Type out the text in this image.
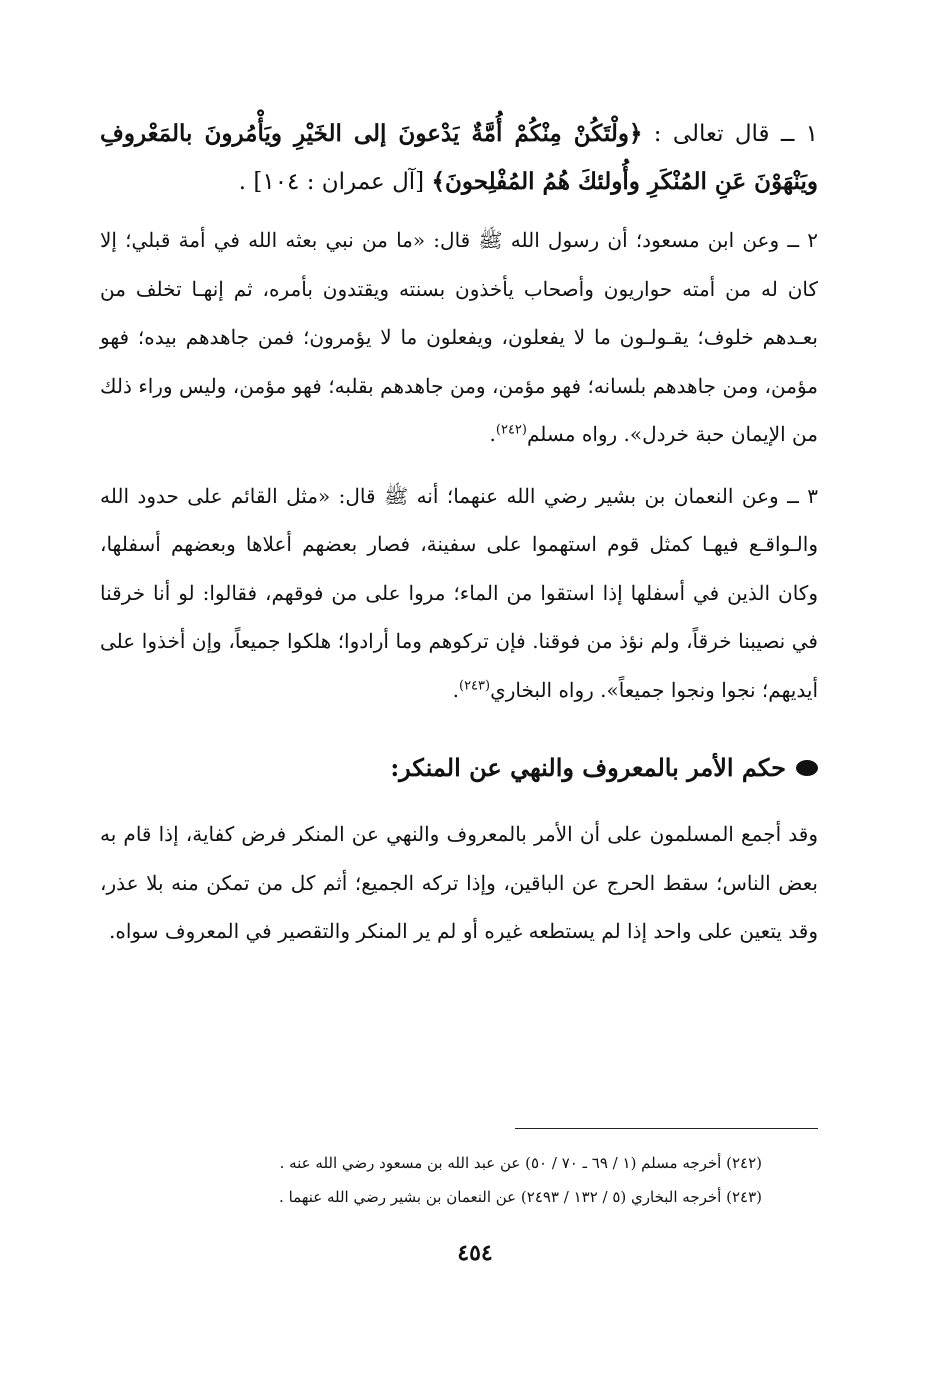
١ ــ قال تعالى : ﴿ولْتَكُنْ مِنْكُمْ أُمَّةٌ يَدْعونَ إلى الخَيْرِ ويَأْمُرونَ بالمَعْروفِ ويَنْهَوْنَ عَنِ المُنْكَرِ وأُولئكَ هُمُ المُفْلِحونَ﴾ [آل عمران : ١٠٤] .

٢ ــ وعن ابن مسعود؛ أن رسول الله ﷺ قال: «ما من نبي بعثه الله في أمة قبلي؛ إلا كان له من أمته حواريون وأصحاب يأخذون بسنته ويقتدون بأمره، ثم إنهـا تخلف من بعـدهم خلوف؛ يقـولـون ما لا يفعلون، ويفعلون ما لا يؤمرون؛ فمن جاهدهم بيده؛ فهو مؤمن، ومن جاهدهم بلسانه؛ فهو مؤمن، ومن جاهدهم بقلبه؛ فهو مؤمن، وليس وراء ذلك من الإيمان حبة خردل». رواه مسلم$^{(٢٤٢)}$.

٣ ــ وعن النعمان بن بشير رضي الله عنهما؛ أنه ﷺ قال: «مثل القائم على حدود الله والـواقـع فيهـا كمثل قوم استهموا على سفينة، فصار بعضهم أعلاها وبعضهم أسفلها، وكان الذين في أسفلها إذا استقوا من الماء؛ مروا على من فوقهم، فقالوا: لو أنا خرقنا في نصيبنا خرقاً، ولم نؤذ من فوقنا. فإن تركوهم وما أرادوا؛ هلكوا جميعاً، وإن أخذوا على أيديهم؛ نجوا ونجوا جميعاً». رواه البخاري$^{(٢٤٣)}$.

حكم الأمر بالمعروف والنهي عن المنكر:

وقد أجمع المسلمون على أن الأمر بالمعروف والنهي عن المنكر فرض كفاية، إذا قام به بعض الناس؛ سقط الحرج عن الباقين، وإذا تركه الجميع؛ أثم كل من تمكن منه بلا عذر، وقد يتعين على واحد إذا لم يستطعه غيره أو لم ير المنكر والتقصير في المعروف سواه.

(٢٤٢) أخرجه مسلم (١ / ٦٩ ـ ٧٠ / ٥٠) عن عبد الله بن مسعود رضي الله عنه .
(٢٤٣) أخرجه البخاري (٥ / ١٣٢ / ٢٤٩٣) عن النعمان بن بشير رضي الله عنهما .
٤٥٤
